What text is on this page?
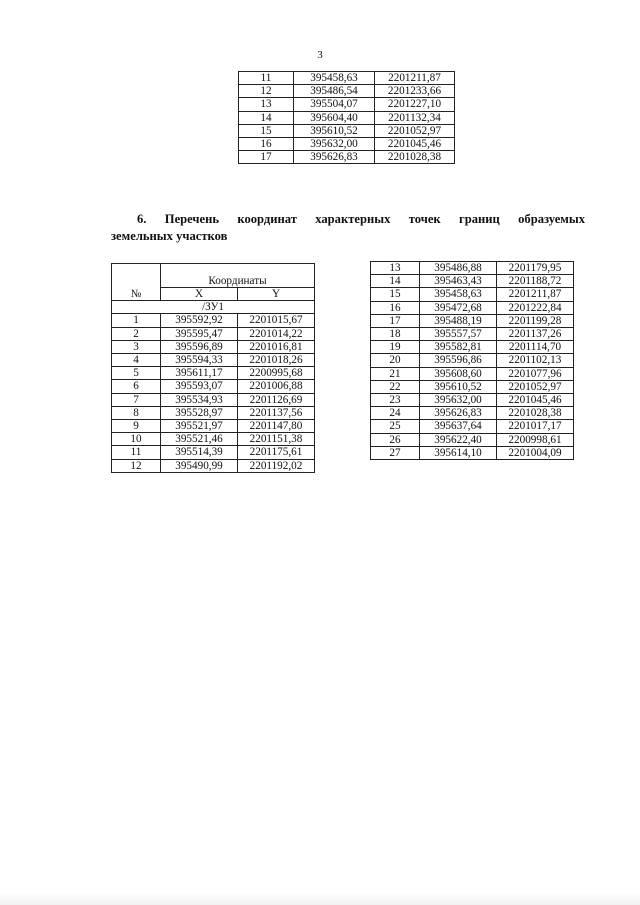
3
11	395458,63	2201211,87
12	395486,54	2201233,66
13	395504,07	2201227,10
14	395604,40	2201132,34
15	395610,52	2201052,97
16	395632,00	2201045,46
17	395626,83	2201028,38
6. Перечень координат характерных точек границ образуемых
земельных участков
№	Координаты	
	X	Y
/ЗУ1		
1	395592,92	2201015,67
2	395595,47	2201014,22
3	395596,89	2201016,81
4	395594,33	2201018,26
5	395611,17	2200995,68
6	395593,07	2201006,88
7	395534,93	2201126,69
8	395528,97	2201137,56
9	395521,97	2201147,80
10	395521,46	2201151,38
11	395514,39	2201175,61
12	395490,99	2201192,02
13	395486,88	2201179,95
14	395463,43	2201188,72
15	395458,63	2201211,87
16	395472,68	2201222,84
17	395488,19	2201199,28
18	395557,57	2201137,26
19	395582,81	2201114,70
20	395596,86	2201102,13
21	395608,60	2201077,96
22	395610,52	2201052,97
23	395632,00	2201045,46
24	395626,83	2201028,38
25	395637,64	2201017,17
26	395622,40	2200998,61
27	395614,10	2201004,09
